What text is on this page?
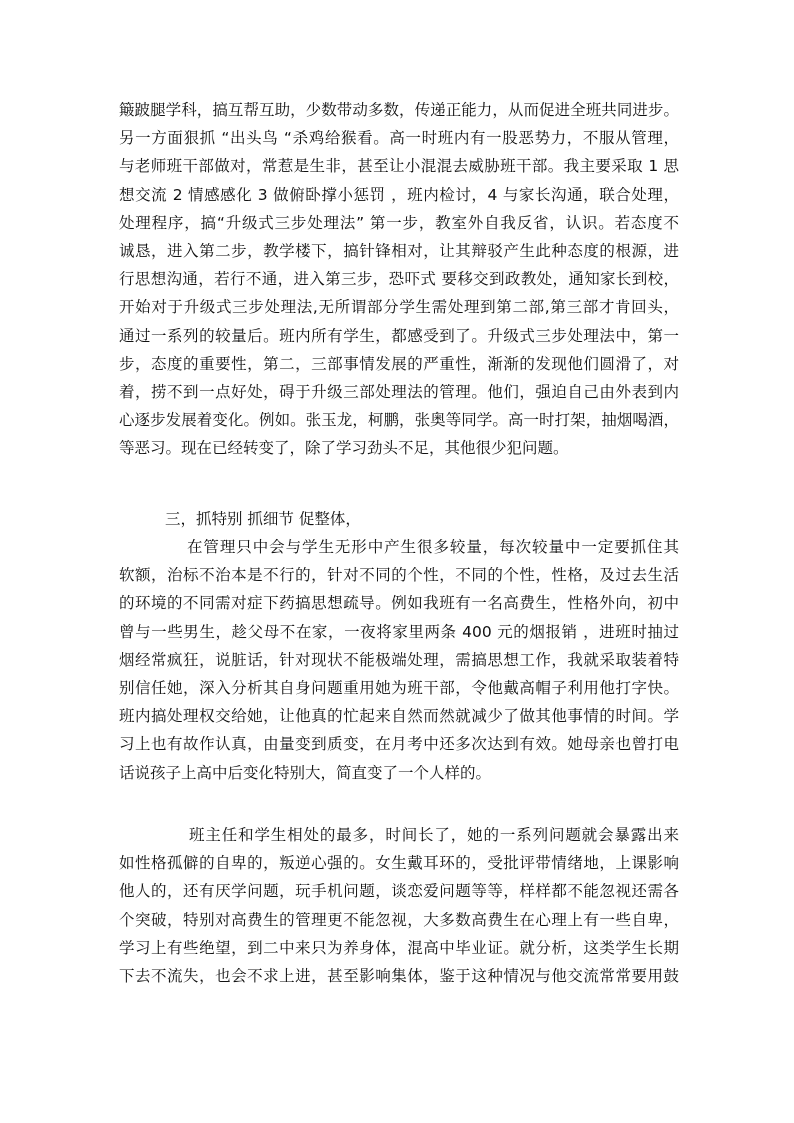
簸跛腿学科，搞互帮互助，少数带动多数，传递正能力，从而促进全班共同进步。
另一方面狠抓 “出头鸟 “杀鸡给猴看。高一时班内有一股恶势力，不服从管理，
与老师班干部做对，常惹是生非，甚至让小混混去威胁班干部。我主要采取 1 思
想交流 2 情感感化 3 做俯卧撑小惩罚 ，班内检讨，4 与家长沟通，联合处理，
处理程序，搞“升级式三步处理法” 第一步，教室外自我反省，认识。若态度不
诚恳，进入第二步，教学楼下，搞针锋相对，让其辩驳产生此种态度的根源，进
行思想沟通，若行不通，进入第三步，恐吓式 要移交到政教处，通知家长到校，
开始对于升级式三步处理法,无所谓部分学生需处理到第二部,第三部才肯回头，
通过一系列的较量后。班内所有学生，都感受到了。升级式三步处理法中，第一
步，态度的重要性，第二，三部事情发展的严重性，渐渐的发现他们圆滑了，对
着，捞不到一点好处，碍于升级三部处理法的管理。他们，强迫自己由外表到内
心逐步发展着变化。例如。张玉龙，柯鹏，张奥等同学。高一时打架，抽烟喝酒，
等恶习。现在已经转变了，除了学习劲头不足，其他很少犯问题。
三，抓特别 抓细节 促整体，
在管理只中会与学生无形中产生很多较量，每次较量中一定要抓住其
软额，治标不治本是不行的，针对不同的个性，不同的个性，性格，及过去生活
的环境的不同需对症下药搞思想疏导。例如我班有一名高费生，性格外向，初中
曾与一些男生，趁父母不在家，一夜将家里两条 400 元的烟报销 ，进班时抽过
烟经常疯狂，说脏话，针对现状不能极端处理，需搞思想工作，我就采取装着特
别信任她，深入分析其自身问题重用她为班干部，令他戴高帽子利用他打字快。
班内搞处理权交给她，让他真的忙起来自然而然就减少了做其他事情的时间。学
习上也有故作认真，由量变到质变，在月考中还多次达到有效。她母亲也曾打电
话说孩子上高中后变化特别大，简直变了一个人样的。
班主任和学生相处的最多，时间长了，她的一系列问题就会暴露出来
如性格孤僻的自卑的，叛逆心强的。女生戴耳环的，受批评带情绪地，上课影响
他人的，还有厌学问题，玩手机问题，谈恋爱问题等等，样样都不能忽视还需各
个突破，特别对高费生的管理更不能忽视，大多数高费生在心理上有一些自卑，
学习上有些绝望，到二中来只为养身体，混高中毕业证。就分析，这类学生长期
下去不流失，也会不求上进，甚至影响集体，鉴于这种情况与他交流常常要用鼓
